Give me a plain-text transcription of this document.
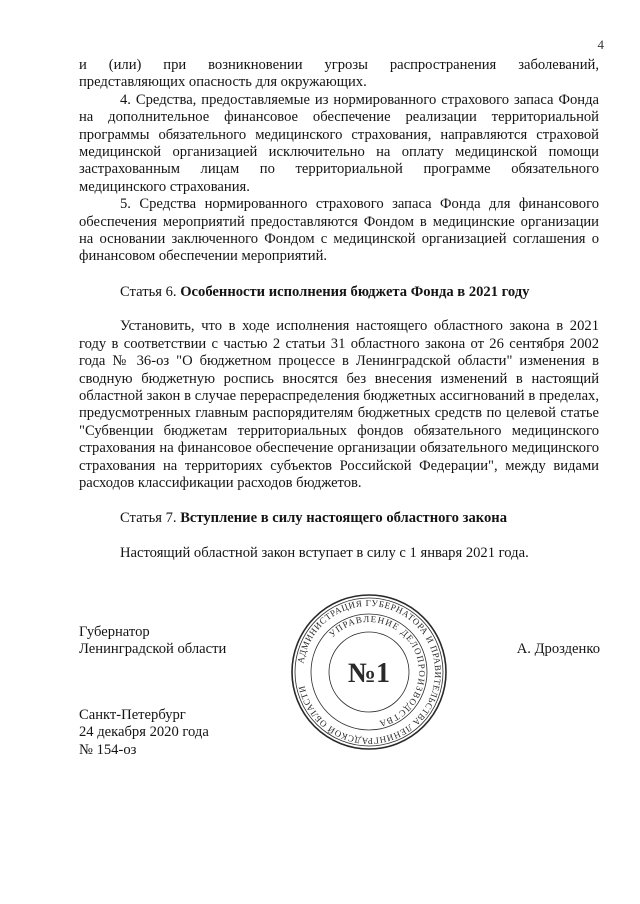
4

и (или) при возникновении угрозы распространения заболеваний, представляющих опасность для окружающих.

4. Средства, предоставляемые из нормированного страхового запаса Фонда на дополнительное финансовое обеспечение реализации территориальной программы обязательного медицинского страхования, направляются страховой медицинской организацией исключительно на оплату медицинской помощи застрахованным лицам по территориальной программе обязательного медицинского страхования.

5. Средства нормированного страхового запаса Фонда для финансового обеспечения мероприятий предоставляются Фондом в медицинские организации на основании заключенного Фондом с медицинской организацией соглашения о финансовом обеспечении мероприятий.

Статья 6. Особенности исполнения бюджета Фонда в 2021 году

Установить, что в ходе исполнения настоящего областного закона в 2021 году в соответствии с частью 2 статьи 31 областного закона от 26 сентября 2002 года № 36-оз "О бюджетном процессе в Ленинградской области" изменения в сводную бюджетную роспись вносятся без внесения изменений в настоящий областной закон в случае перераспределения бюджетных ассигнований в пределах, предусмотренных главным распорядителям бюджетных средств по целевой статье "Субвенции бюджетам территориальных фондов обязательного медицинского страхования на финансовое обеспечение организации обязательного медицинского страхования на территориях субъектов Российской Федерации", между видами расходов классификации расходов бюджетов.

Статья 7. Вступление в силу настоящего областного закона

Настоящий областной закон вступает в силу с 1 января 2021 года.

Губернатор
Ленинградской области	А. Дрозденко
АДМИНИСТРАЦИЯ ГУБЕРНАТОРА И ПРАВИТЕЛЬСТВА ЛЕНИНГРАДСКОЙ ОБЛАСТИ
УПРАВЛЕНИЕ ДЕЛОПРОИЗВОДСТВА
№1
Санкт-Петербург
24 декабря 2020 года
№ 154-оз
